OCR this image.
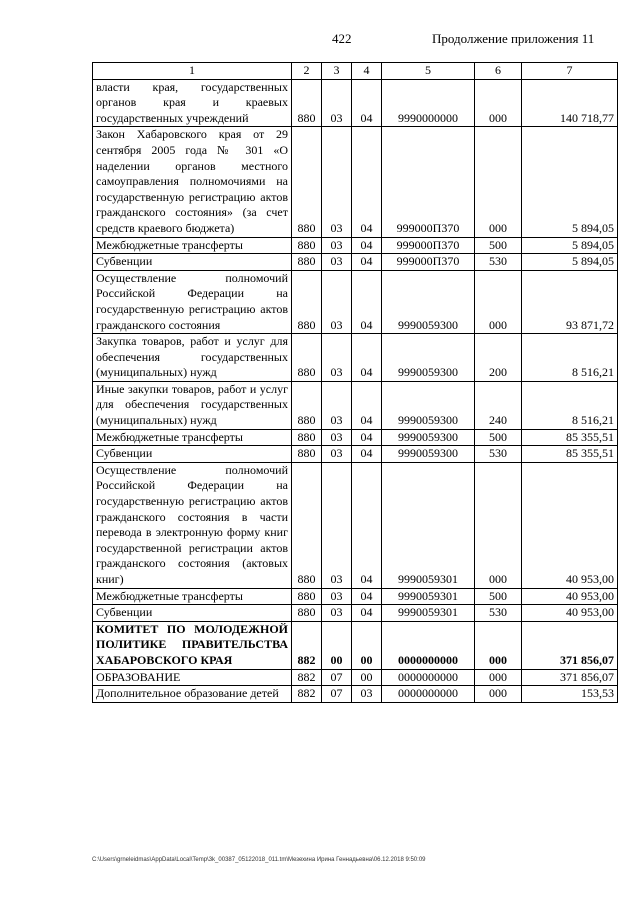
422	Продолжение приложения 11
1	2	3	4	5	6	7
власти края, государственных органов края и краевых государственных учреждений	880	03	04	9990000000	000	140 718,77
Закон Хабаровского края от 29 сентября 2005 года № 301 «О наделении органов местного самоуправления полномочиями на государственную регистрацию актов гражданского состояния» (за счет средств краевого бюджета)	880	03	04	999000П370	000	5 894,05
Межбюджетные трансферты	880	03	04	999000П370	500	5 894,05
Субвенции	880	03	04	999000П370	530	5 894,05
Осуществление полномочий Российской Федерации на государственную регистрацию актов гражданского состояния	880	03	04	9990059300	000	93 871,72
Закупка товаров, работ и услуг для обеспечения государственных (муниципальных) нужд	880	03	04	9990059300	200	8 516,21
Иные закупки товаров, работ и услуг для обеспечения государственных (муниципальных) нужд	880	03	04	9990059300	240	8 516,21
Межбюджетные трансферты	880	03	04	9990059300	500	85 355,51
Субвенции	880	03	04	9990059300	530	85 355,51
Осуществление полномочий Российской Федерации на государственную регистрацию актов гражданского состояния в части перевода в электронную форму книг государственной регистрации актов гражданского состояния (актовых книг)	880	03	04	9990059301	000	40 953,00
Межбюджетные трансферты	880	03	04	9990059301	500	40 953,00
Субвенции	880	03	04	9990059301	530	40 953,00
КОМИТЕТ ПО МОЛОДЕЖНОЙ ПОЛИТИКЕ ПРАВИТЕЛЬСТВА ХАБАРОВСКОГО КРАЯ	882	00	00	0000000000	000	371 856,07
ОБРАЗОВАНИЕ	882	07	00	0000000000	000	371 856,07
Дополнительное образование детей	882	07	03	0000000000	000	153,53
C:\Users\grneleidmas\AppData\Local\Temp\3k_00387_05122018_011.tm\Мезехина Ирина Геннадьевна\06.12.2018 9:50:09
